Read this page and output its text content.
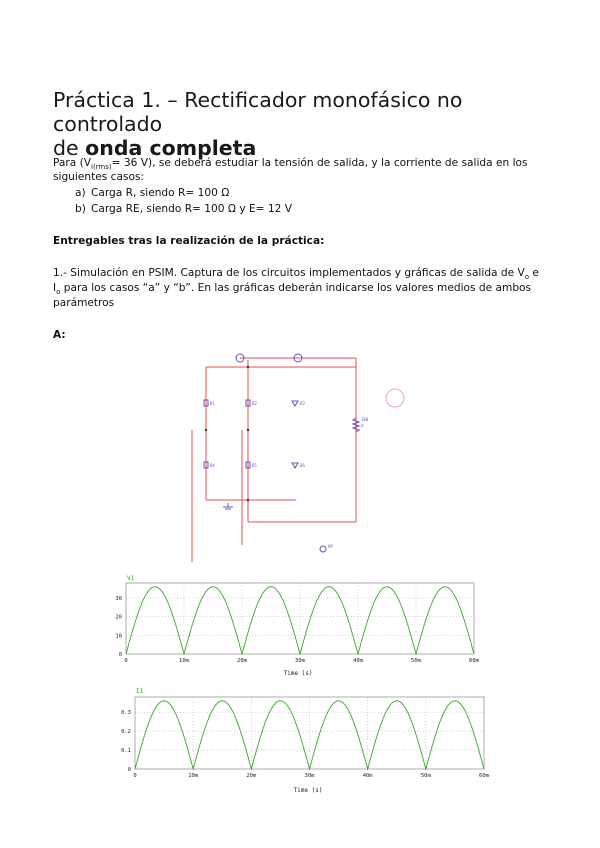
Práctica 1. – Rectificador monofásico no controlado
de onda completa
Para ($V_{i(rms)}= 36$ V), se deberá estudiar la tensión de salida, y la corriente de salida en los
siguientes casos:
a) Carga R, siendo R= 100 Ω
b) Carga RE, siendo R= 100 Ω y E= 12 V
Entregables tras la realización de la práctica:
1.- Simulación en PSIM. Captura de los circuitos implementados y gráficas de salida de $V_o$ e
$I_o$ para los casos “a” y “b”. En las gráficas deberán indicarse los valores medios de ambos
parámetros
A:
D1	D2	D3
D4	D5	D6
100
m
VP
V1
0	10m	20m	30m	40m	50m	60m
0
10
20
30
Time (s)
I1
0	10m	20m	30m	40m	50m	60m
0
0.1
0.2
0.3
Time (s)
